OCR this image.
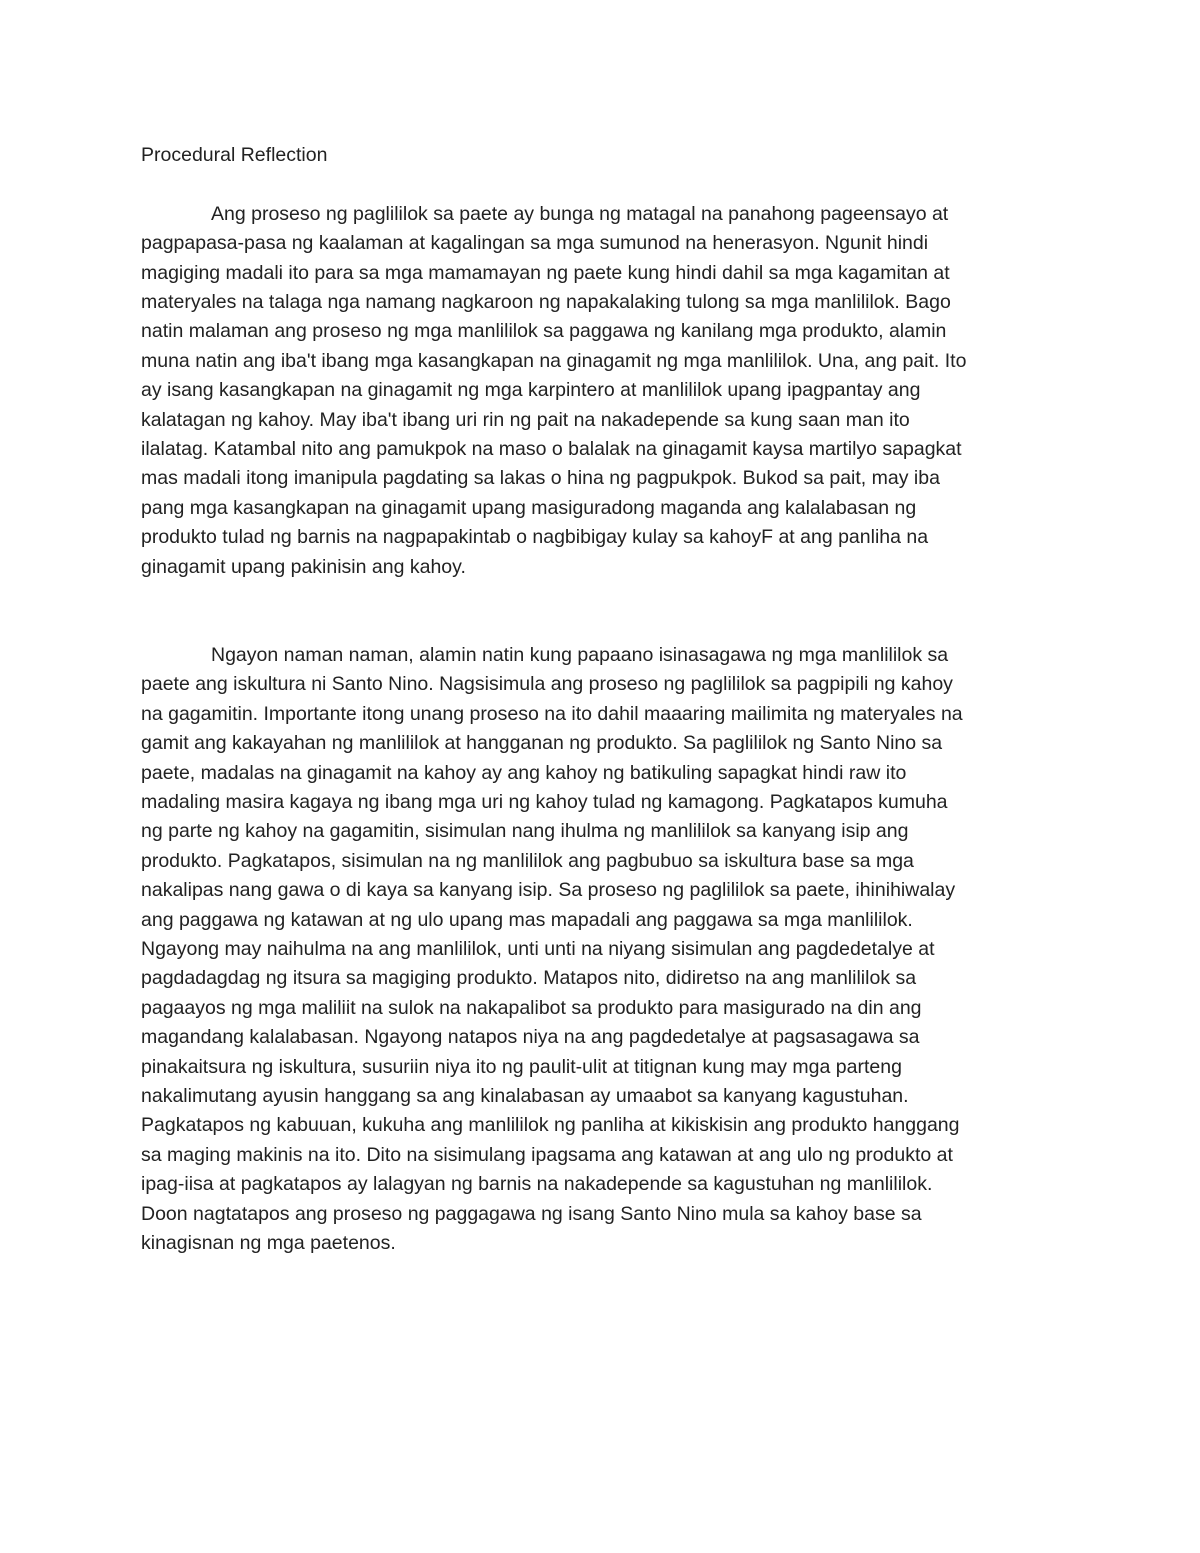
Procedural Reflection
Ang proseso ng paglililok sa paete ay bunga ng matagal na panahong pageensayo at
pagpapasa-pasa ng kaalaman at kagalingan sa mga sumunod na henerasyon. Ngunit hindi
magiging madali ito para sa mga mamamayan ng paete kung hindi dahil sa mga kagamitan at
materyales na talaga nga namang nagkaroon ng napakalaking tulong sa mga manlililok. Bago
natin malaman ang proseso ng mga manlililok sa paggawa ng kanilang mga produkto, alamin
muna natin ang iba't ibang mga kasangkapan na ginagamit ng mga manlililok. Una, ang pait. Ito
ay isang kasangkapan na ginagamit ng mga karpintero at manlililok upang ipagpantay ang
kalatagan ng kahoy. May iba't ibang uri rin ng pait na nakadepende sa kung saan man ito
ilalatag. Katambal nito ang pamukpok na maso o balalak na ginagamit kaysa martilyo sapagkat
mas madali itong imanipula pagdating sa lakas o hina ng pagpukpok. Bukod sa pait, may iba
pang mga kasangkapan na ginagamit upang masiguradong maganda ang kalalabasan ng
produkto tulad ng barnis na nagpapakintab o nagbibigay kulay sa kahoyF at ang panliha na
ginagamit upang pakinisin ang kahoy.
Ngayon naman naman, alamin natin kung papaano isinasagawa ng mga manlililok sa
paete ang iskultura ni Santo Nino. Nagsisimula ang proseso ng paglililok sa pagpipili ng kahoy
na gagamitin. Importante itong unang proseso na ito dahil maaaring mailimita ng materyales na
gamit ang kakayahan ng manlililok at hangganan ng produkto. Sa paglililok ng Santo Nino sa
paete, madalas na ginagamit na kahoy ay ang kahoy ng batikuling sapagkat hindi raw ito
madaling masira kagaya ng ibang mga uri ng kahoy tulad ng kamagong. Pagkatapos kumuha
ng parte ng kahoy na gagamitin, sisimulan nang ihulma ng manlililok sa kanyang isip ang
produkto. Pagkatapos, sisimulan na ng manlililok ang pagbubuo sa iskultura base sa mga
nakalipas nang gawa o di kaya sa kanyang isip. Sa proseso ng paglililok sa paete, ihinihiwalay
ang paggawa ng katawan at ng ulo upang mas mapadali ang paggawa sa mga manlililok.
Ngayong may naihulma na ang manlililok, unti unti na niyang sisimulan ang pagdedetalye at
pagdadagdag ng itsura sa magiging produkto. Matapos nito, didiretso na ang manlililok sa
pagaayos ng mga maliliit na sulok na nakapalibot sa produkto para masigurado na din ang
magandang kalalabasan. Ngayong natapos niya na ang pagdedetalye at pagsasagawa sa
pinakaitsura ng iskultura, susuriin niya ito ng paulit-ulit at titignan kung may mga parteng
nakalimutang ayusin hanggang sa ang kinalabasan ay umaabot sa kanyang kagustuhan.
Pagkatapos ng kabuuan, kukuha ang manlililok ng panliha at kikiskisin ang produkto hanggang
sa maging makinis na ito. Dito na sisimulang ipagsama ang katawan at ang ulo ng produkto at
ipag-iisa at pagkatapos ay lalagyan ng barnis na nakadepende sa kagustuhan ng manlililok.
Doon nagtatapos ang proseso ng paggagawa ng isang Santo Nino mula sa kahoy base sa
kinagisnan ng mga paetenos.
